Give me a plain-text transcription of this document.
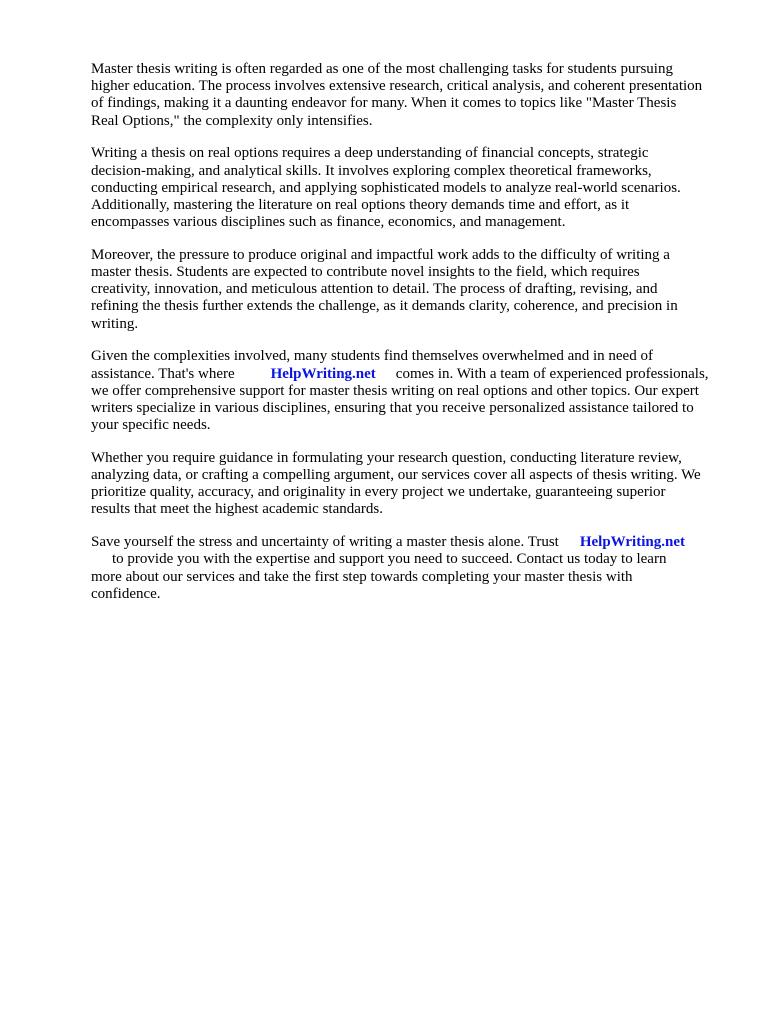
Master thesis writing is often regarded as one of the most challenging tasks for students pursuing
higher education. The process involves extensive research, critical analysis, and coherent presentation
of findings, making it a daunting endeavor for many. When it comes to topics like "Master Thesis
Real Options," the complexity only intensifies.

Writing a thesis on real options requires a deep understanding of financial concepts, strategic
decision-making, and analytical skills. It involves exploring complex theoretical frameworks,
conducting empirical research, and applying sophisticated models to analyze real-world scenarios.
Additionally, mastering the literature on real options theory demands time and effort, as it
encompasses various disciplines such as finance, economics, and management.

Moreover, the pressure to produce original and impactful work adds to the difficulty of writing a
master thesis. Students are expected to contribute novel insights to the field, which requires
creativity, innovation, and meticulous attention to detail. The process of drafting, revising, and
refining the thesis further extends the challenge, as it demands clarity, coherence, and precision in
writing.

Given the complexities involved, many students find themselves overwhelmed and in need of
assistance. That's where HelpWriting.net comes in. With a team of experienced professionals,
we offer comprehensive support for master thesis writing on real options and other topics. Our expert
writers specialize in various disciplines, ensuring that you receive personalized assistance tailored to
your specific needs.

Whether you require guidance in formulating your research question, conducting literature review,
analyzing data, or crafting a compelling argument, our services cover all aspects of thesis writing. We
prioritize quality, accuracy, and originality in every project we undertake, guaranteeing superior
results that meet the highest academic standards.

Save yourself the stress and uncertainty of writing a master thesis alone. Trust HelpWriting.net
to provide you with the expertise and support you need to succeed. Contact us today to learn
more about our services and take the first step towards completing your master thesis with
confidence.
